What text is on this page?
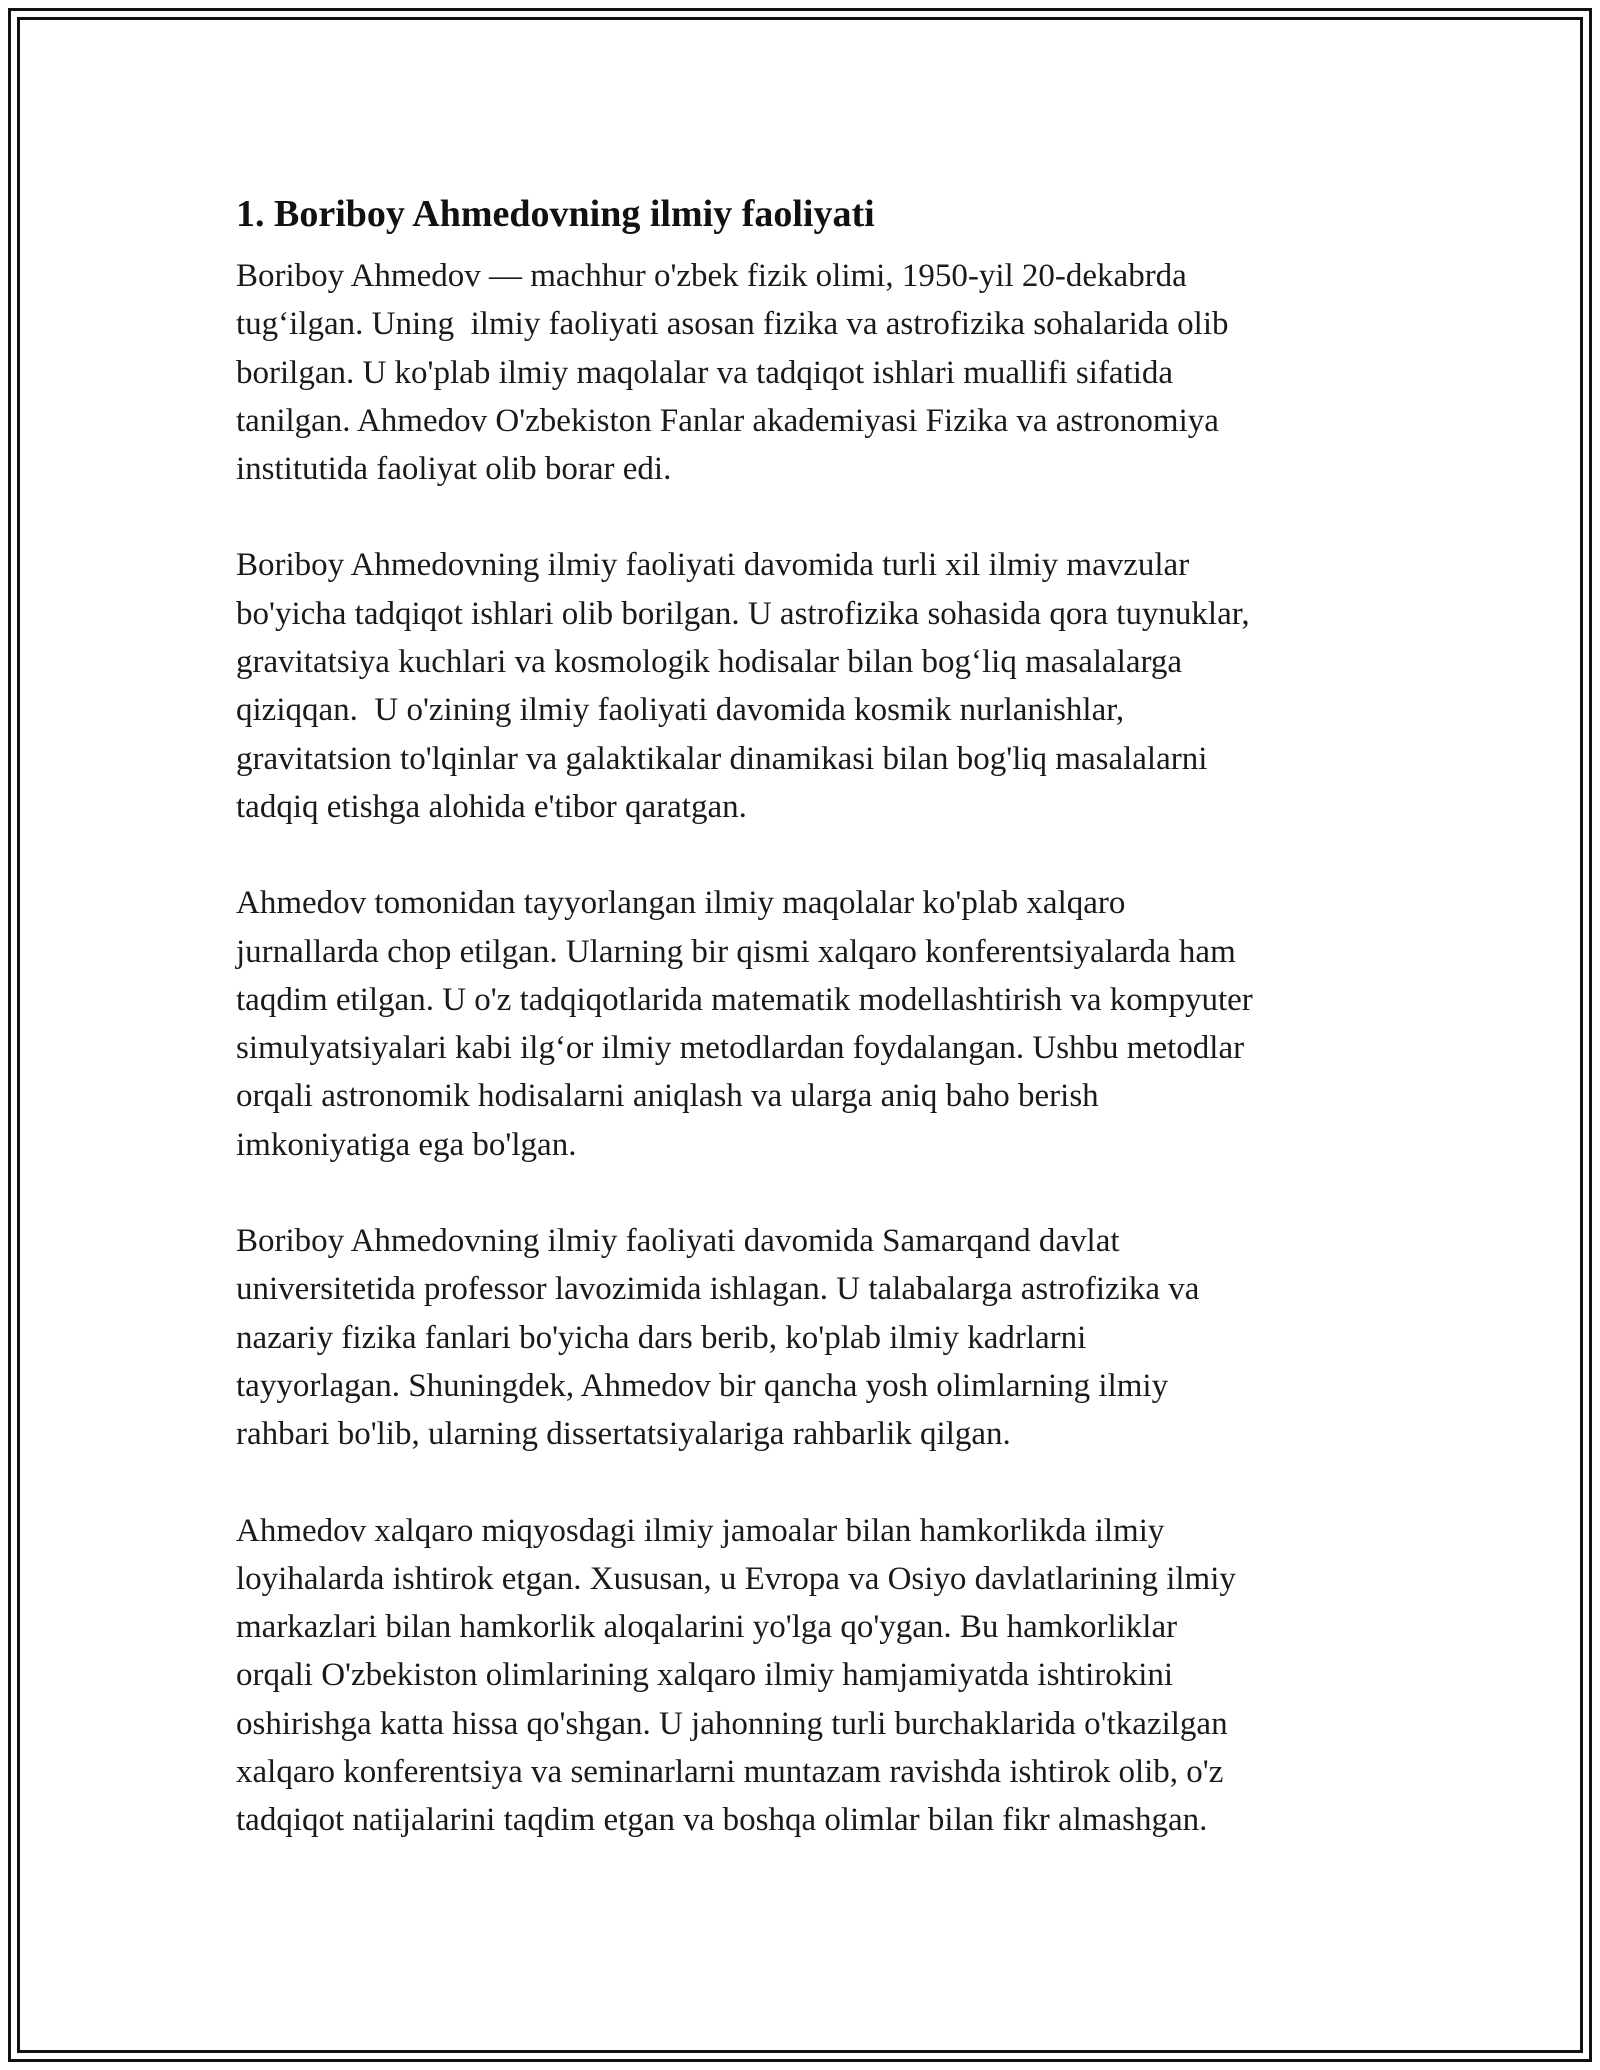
1. Boriboy Ahmedovning ilmiy faoliyati

Boriboy Ahmedov — machhur o'zbek fizik olimi, 1950-yil 20-dekabrda
tug‘ilgan. Uning  ilmiy faoliyati asosan fizika va astrofizika sohalarida olib
borilgan. U ko'plab ilmiy maqolalar va tadqiqot ishlari muallifi sifatida
tanilgan. Ahmedov O'zbekiston Fanlar akademiyasi Fizika va astronomiya
institutida faoliyat olib borar edi.

Boriboy Ahmedovning ilmiy faoliyati davomida turli xil ilmiy mavzular
bo'yicha tadqiqot ishlari olib borilgan. U astrofizika sohasida qora tuynuklar,
gravitatsiya kuchlari va kosmologik hodisalar bilan bog‘liq masalalarga
qiziqqan.  U o'zining ilmiy faoliyati davomida kosmik nurlanishlar,
gravitatsion to'lqinlar va galaktikalar dinamikasi bilan bog'liq masalalarni
tadqiq etishga alohida e'tibor qaratgan.

Ahmedov tomonidan tayyorlangan ilmiy maqolalar ko'plab xalqaro
jurnallarda chop etilgan. Ularning bir qismi xalqaro konferentsiyalarda ham
taqdim etilgan. U o'z tadqiqotlarida matematik modellashtirish va kompyuter
simulyatsiyalari kabi ilg‘or ilmiy metodlardan foydalangan. Ushbu metodlar
orqali astronomik hodisalarni aniqlash va ularga aniq baho berish
imkoniyatiga ega bo'lgan.

Boriboy Ahmedovning ilmiy faoliyati davomida Samarqand davlat
universitetida professor lavozimida ishlagan. U talabalarga astrofizika va
nazariy fizika fanlari bo'yicha dars berib, ko'plab ilmiy kadrlarni
tayyorlagan. Shuningdek, Ahmedov bir qancha yosh olimlarning ilmiy
rahbari bo'lib, ularning dissertatsiyalariga rahbarlik qilgan.

Ahmedov xalqaro miqyosdagi ilmiy jamoalar bilan hamkorlikda ilmiy
loyihalarda ishtirok etgan. Xususan, u Evropa va Osiyo davlatlarining ilmiy
markazlari bilan hamkorlik aloqalarini yo'lga qo'ygan. Bu hamkorliklar
orqali O'zbekiston olimlarining xalqaro ilmiy hamjamiyatda ishtirokini
oshirishga katta hissa qo'shgan. U jahonning turli burchaklarida o'tkazilgan
xalqaro konferentsiya va seminarlarni muntazam ravishda ishtirok olib, o'z
tadqiqot natijalarini taqdim etgan va boshqa olimlar bilan fikr almashgan.
